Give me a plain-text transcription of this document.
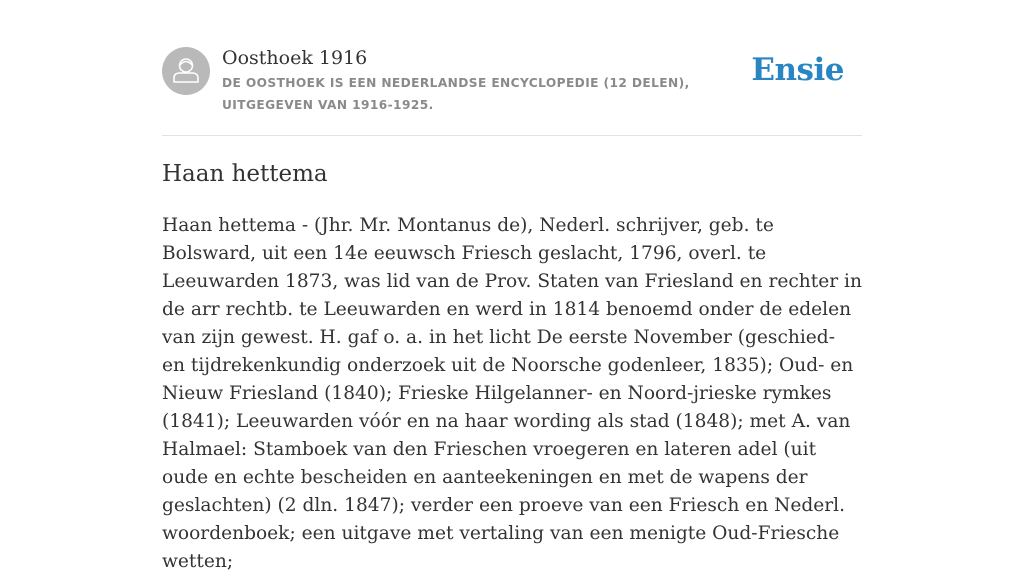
Oosthoek 1916
DE OOSTHOEK IS EEN NEDERLANDSE ENCYCLOPEDIE (12 DELEN), UITGEGEVEN VAN 1916-1925.
Ensie
Haan hettema

Haan hettema - (Jhr. Mr. Montanus de), Nederl. schrijver, geb. te Bolsward, uit een 14e eeuwsch Friesch geslacht, 1796, overl. te Leeuwarden 1873, was lid van de Prov. Staten van Friesland en rechter in de arr rechtb. te Leeuwarden en werd in 1814 benoemd onder de edelen van zijn gewest. H. gaf o. a. in het licht De eerste November (geschied- en tijdrekenkundig onderzoek uit de Noorsche godenleer, 1835); Oud- en Nieuw Friesland (1840); Frieske Hilgelanner- en Noord-jrieske rymkes (1841); Leeuwarden vóór en na haar wording als stad (1848); met A. van Halmael: Stamboek van den Frieschen vroegeren en lateren adel (uit oude en echte bescheiden en aanteekeningen en met de wapens der geslachten) (2 dln. 1847); verder een proeve van een Friesch en Nederl. woordenboek; een uitgave met vertaling van een menigte Oud-Friesche wetten;
